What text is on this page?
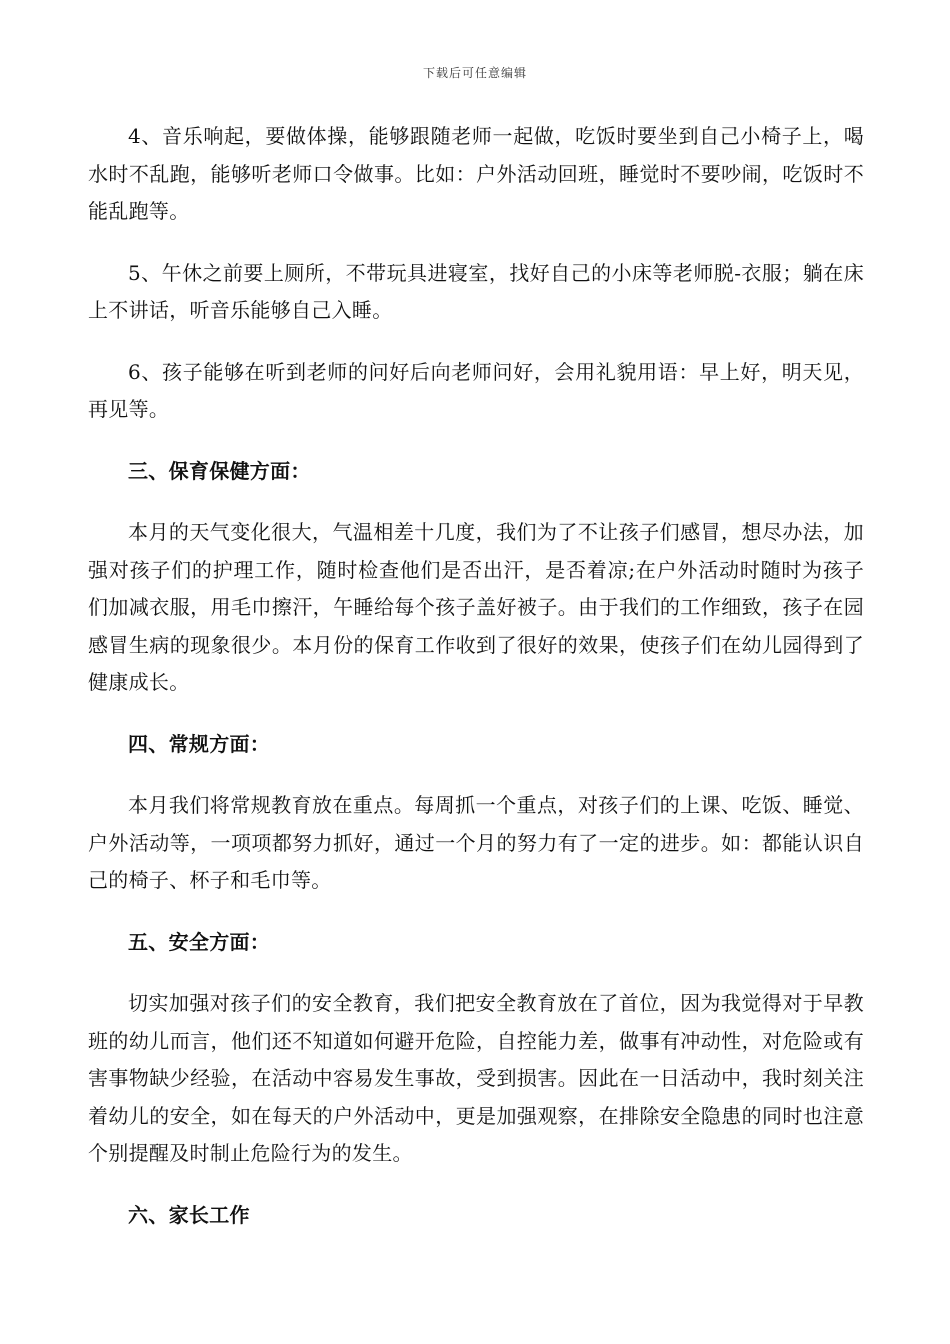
下载后可任意编辑

4、音乐响起，要做体操，能够跟随老师一起做，吃饭时要坐到自己小椅子上，喝水时不乱跑，能够听老师口令做事。比如：户外活动回班，睡觉时不要吵闹，吃饭时不能乱跑等。

5、午休之前要上厕所，不带玩具进寝室，找好自己的小床等老师脱-衣服；躺在床上不讲话，听音乐能够自己入睡。

6、孩子能够在听到老师的问好后向老师问好，会用礼貌用语：早上好，明天见，再见等。

三、保育保健方面：

本月的天气变化很大，气温相差十几度，我们为了不让孩子们感冒，想尽办法，加强对孩子们的护理工作，随时检查他们是否出汗，是否着凉;在户外活动时随时为孩子们加减衣服，用毛巾擦汗，午睡给每个孩子盖好被子。由于我们的工作细致，孩子在园感冒生病的现象很少。本月份的保育工作收到了很好的效果，使孩子们在幼儿园得到了健康成长。

四、常规方面：

本月我们将常规教育放在重点。每周抓一个重点，对孩子们的上课、吃饭、睡觉、户外活动等，一项项都努力抓好，通过一个月的努力有了一定的进步。如：都能认识自己的椅子、杯子和毛巾等。

五、安全方面：

切实加强对孩子们的安全教育，我们把安全教育放在了首位，因为我觉得对于早教班的幼儿而言，他们还不知道如何避开危险，自控能力差，做事有冲动性，对危险或有害事物缺少经验，在活动中容易发生事故，受到损害。因此在一日活动中，我时刻关注着幼儿的安全，如在每天的户外活动中，更是加强观察，在排除安全隐患的同时也注意个别提醒及时制止危险行为的发生。

六、家长工作
